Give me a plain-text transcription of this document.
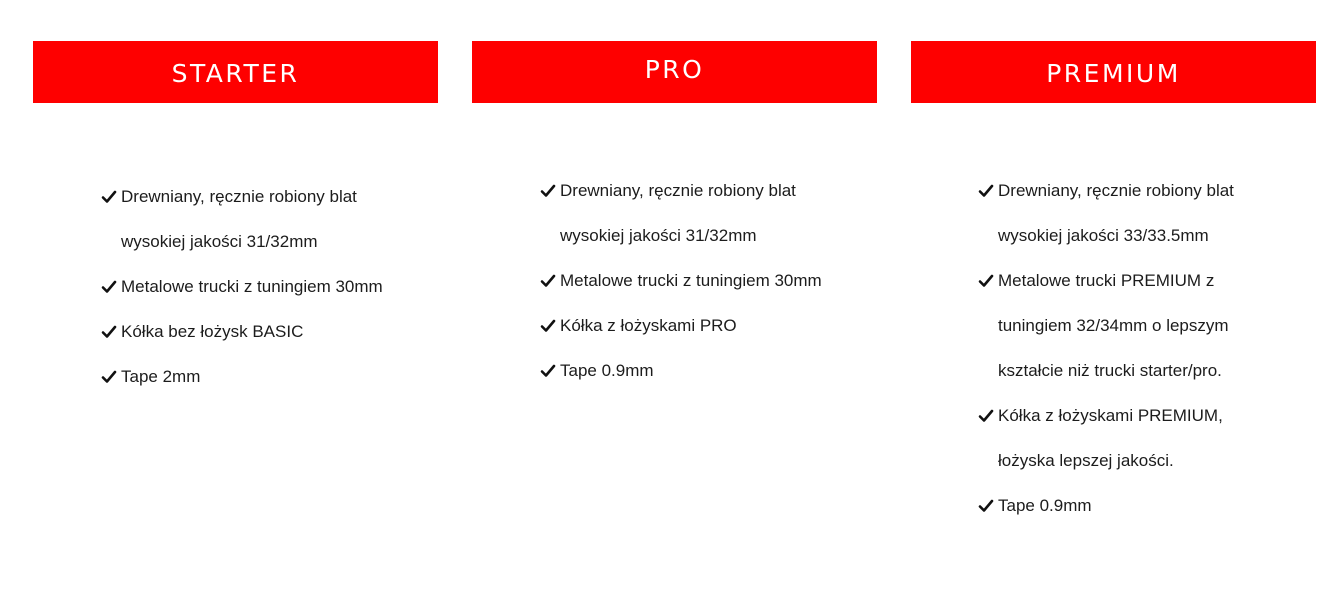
STARTER
Drewniany, ręcznie robiony blat wysokiej jakości 31/32mm
Metalowe trucki z tuningiem 30mm
Kółka bez łożysk BASIC
Tape 2mm
PRO
Drewniany, ręcznie robiony blat wysokiej jakości 31/32mm
Metalowe trucki z tuningiem 30mm
Kółka z łożyskami PRO
Tape 0.9mm
PREMIUM
Drewniany, ręcznie robiony blat wysokiej jakości 33/33.5mm
Metalowe trucki PREMIUM z tuningiem 32/34mm o lepszym kształcie niż trucki starter/pro.
Kółka z łożyskami PREMIUM, łożyska lepszej jakości.
Tape 0.9mm
